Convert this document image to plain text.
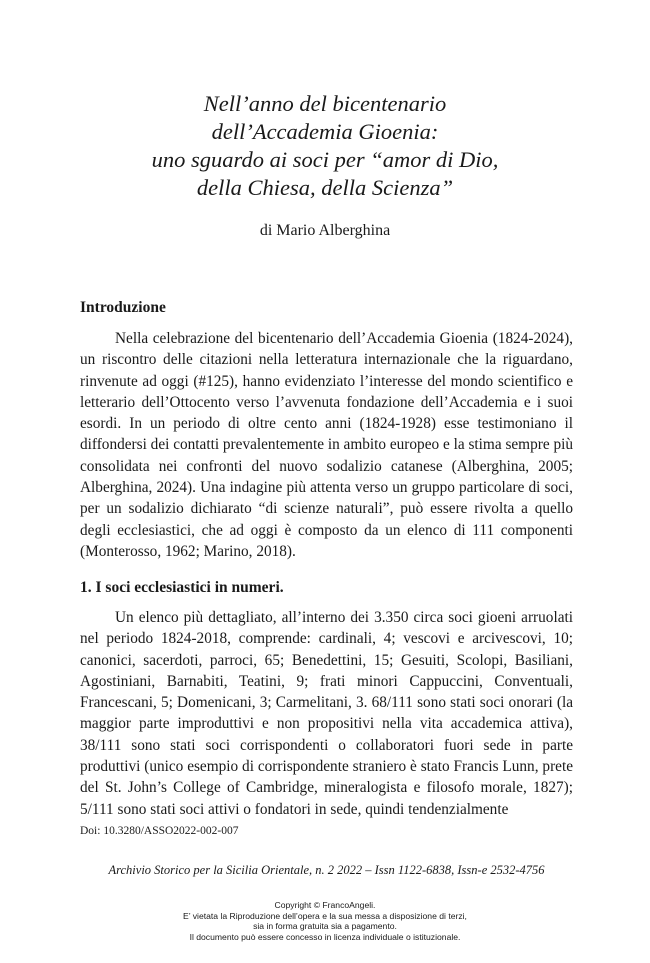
Nell’anno del bicentenario
dell’Accademia Gioenia:
uno sguardo ai soci per “amor di Dio,
della Chiesa, della Scienza”
di Mario Alberghina
Introduzione

Nella celebrazione del bicentenario dell’Accademia Gioenia (1824-2024), un riscontro delle citazioni nella letteratura internazionale che la riguardano, rinvenute ad oggi (#125), hanno evidenziato l’interesse del mondo scientifico e letterario dell’Ottocento verso l’avvenuta fondazione dell’Accademia e i suoi esordi. In un periodo di oltre cento anni (1824-1928) esse testimoniano il diffondersi dei contatti prevalentemente in ambito europeo e la stima sempre più consolidata nei confronti del nuovo sodalizio catanese (Alberghina, 2005; Alberghina, 2024). Una indagine più attenta verso un gruppo particolare di soci, per un sodalizio dichiarato “di scienze naturali”, può essere rivolta a quello degli ecclesiastici, che ad oggi è composto da un elenco di 111 componenti (Monterosso, 1962; Marino, 2018).

1. I soci ecclesiastici in numeri.

Un elenco più dettagliato, all’interno dei 3.350 circa soci gioeni arruolati nel periodo 1824-2018, comprende: cardinali, 4; vescovi e arcivescovi, 10; canonici, sacerdoti, parroci, 65; Benedettini, 15; Gesuiti, Scolopi, Basiliani, Agostiniani, Barnabiti, Teatini, 9; frati minori Cappuccini, Conventuali, Francescani, 5; Domenicani, 3; Carmelitani, 3. 68/111 sono stati soci onorari (la maggior parte improduttivi e non propositivi nella vita accademica attiva), 38/111 sono stati soci corrispondenti o collaboratori fuori sede in parte produttivi (unico esempio di corrispondente straniero è stato Francis Lunn, prete del St. John’s College of Cambridge, mineralogista e filosofo morale, 1827); 5/111 sono stati soci attivi o fondatori in sede, quindi tendenzialmente

Doi: 10.3280/ASSO2022-002-007
Archivio Storico per la Sicilia Orientale, n. 2 2022 – Issn 1122-6838, Issn-e 2532-4756
Copyright © FrancoAngeli.
E’ vietata la Riproduzione dell’opera e la sua messa a disposizione di terzi,
sia in forma gratuita sia a pagamento.
Il documento può essere concesso in licenza individuale o istituzionale.
